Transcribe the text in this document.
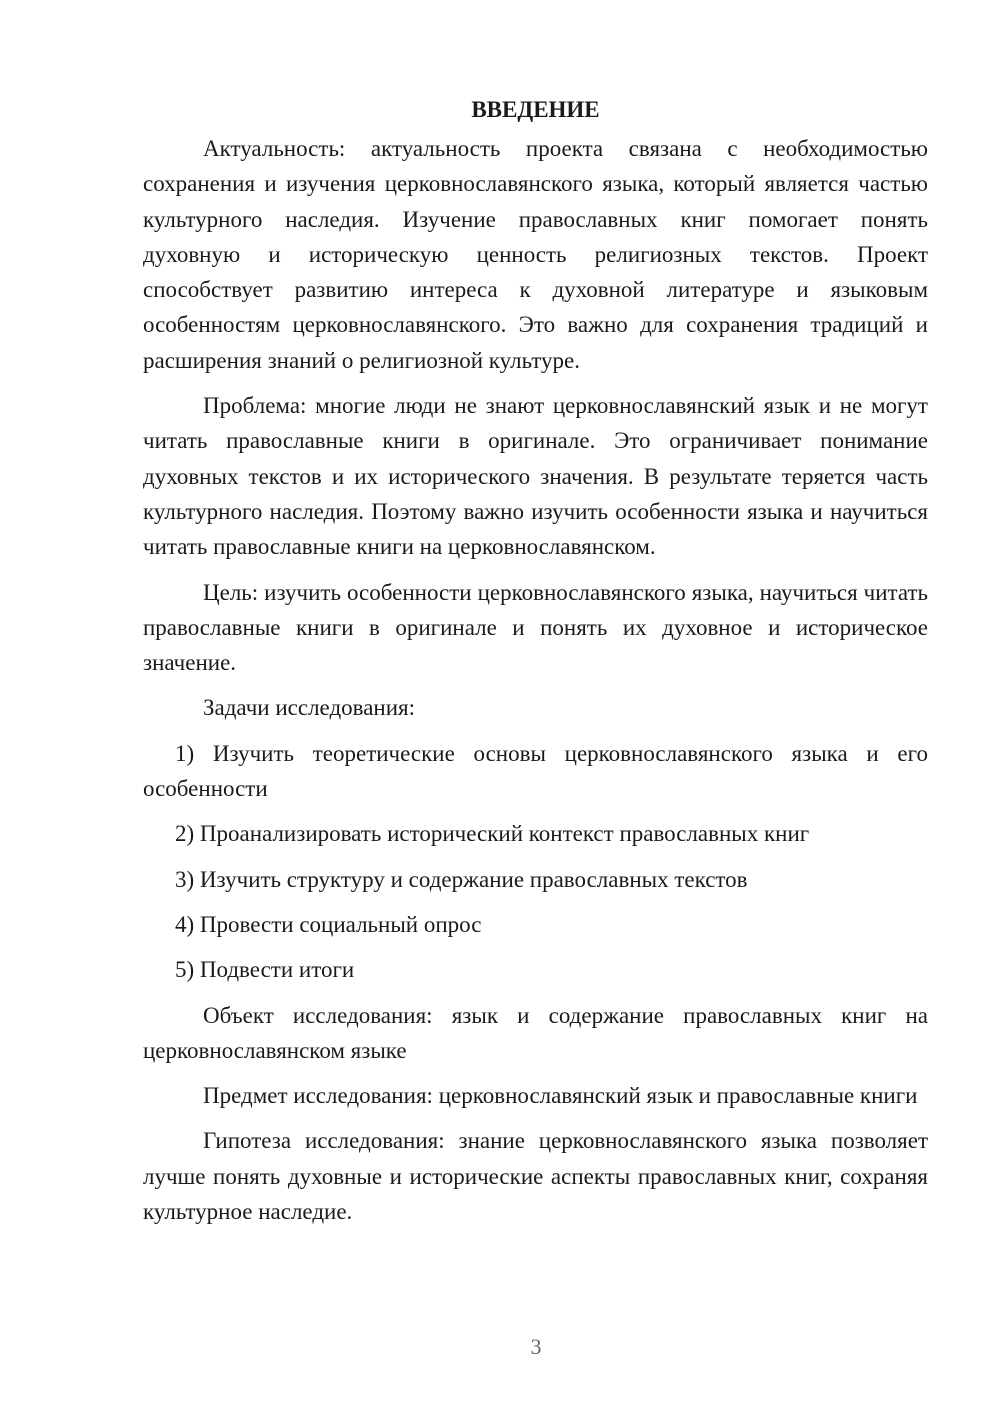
ВВЕДЕНИЕ

Актуальность: актуальность проекта связана с необходимостью сохранения и изучения церковнославянского языка, который является частью культурного наследия. Изучение православных книг помогает понять духовную и историческую ценность религиозных текстов. Проект способствует развитию интереса к духовной литературе и языковым особенностям церковнославянского. Это важно для сохранения традиций и расширения знаний о религиозной культуре.

Проблема: многие люди не знают церковнославянский язык и не могут читать православные книги в оригинале. Это ограничивает понимание духовных текстов и их исторического значения. В результате теряется часть культурного наследия. Поэтому важно изучить особенности языка и научиться читать православные книги на церковнославянском.

Цель: изучить особенности церковнославянского языка, научиться читать православные книги в оригинале и понять их духовное и историческое значение.

Задачи исследования:

1) Изучить теоретические основы церковнославянского языка и его особенности

2) Проанализировать исторический контекст православных книг

3) Изучить структуру и содержание православных текстов

4) Провести социальный опрос

5) Подвести итоги

Объект исследования: язык и содержание православных книг на церковнославянском языке

Предмет исследования: церковнославянский язык и православные книги

Гипотеза исследования: знание церковнославянского языка позволяет лучше понять духовные и исторические аспекты православных книг, сохраняя культурное наследие.

3
